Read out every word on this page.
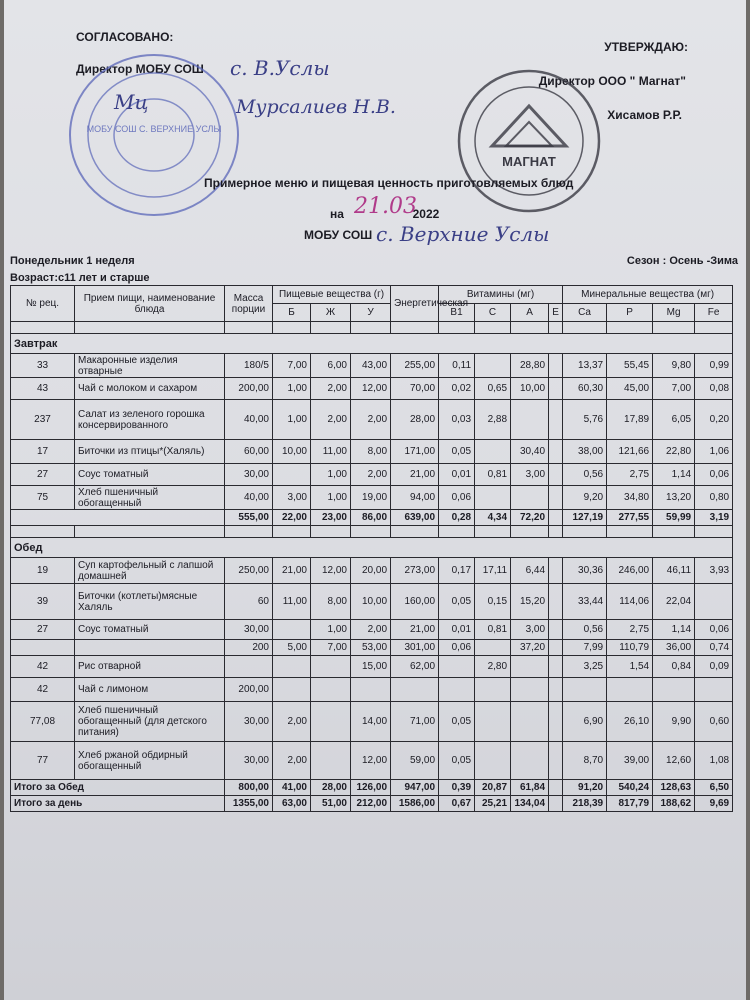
СОГЛАСОВАНО:
Директор МОБУ СОШ
МОБУ СОШ С. ВЕРХНИЕ УСЛЫ
с. В.Услы
Мурсалиев Н.В.
Мц
УТВЕРЖДАЮ:
Директор ООО " Магнат"
Хисамов Р.Р.
МАГНАТ
Примерное меню и пищевая ценность приготовляемых блюд
на	2022
21.03
МОБУ СОШ с. Верхние Услы
Понедельник 1 неделя	Сезон : Осень -Зима
Возраст:с11 лет и старше
№ рец.	Прием пищи, наименование блюда	Масса порции	Пищевые вещества (г)			Энергетическая	Витамины (мг)				Минеральные вещества (мг)			
			Б	Ж	У		В1	С	А	Е	Ca	P	Mg	Fe

Завтрак														
33	Макаронные изделия отварные	180/5	7,00	6,00	43,00	255,00	0,11		28,80		13,37	55,45	9,80	0,99
43	Чай с молоком и сахаром	200,00	1,00	2,00	12,00	70,00	0,02	0,65	10,00		60,30	45,00	7,00	0,08
237	Салат из зеленого горошка консервированного	40,00	1,00	2,00	2,00	28,00	0,03	2,88			5,76	17,89	6,05	0,20
17	Биточки из птицы*(Халяль)	60,00	10,00	11,00	8,00	171,00	0,05		30,40		38,00	121,66	22,80	1,06
27	Соус томатный	30,00		1,00	2,00	21,00	0,01	0,81	3,00		0,56	2,75	1,14	0,06
75	Хлеб пшеничный обогащенный	40,00	3,00	1,00	19,00	94,00	0,06				9,20	34,80	13,20	0,80
		555,00	22,00	23,00	86,00	639,00	0,28	4,34	72,20		127,19	277,55	59,99	3,19

Обед														
19	Суп картофельный с лапшой домашней	250,00	21,00	12,00	20,00	273,00	0,17	17,11	6,44		30,36	246,00	46,11	3,93
39	Биточки (котлеты)мясные Халяль	60	11,00	8,00	10,00	160,00	0,05	0,15	15,20		33,44	114,06	22,04	
27	Соус томатный	30,00		1,00	2,00	21,00	0,01	0,81	3,00		0,56	2,75	1,14	0,06
		200	5,00	7,00	53,00	301,00	0,06		37,20		7,99	110,79	36,00	0,74
42	Рис отварной				15,00	62,00		2,80			3,25	1,54	0,84	0,09
42	Чай с лимоном	200,00												
77,08	Хлеб пшеничный обогащенный (для детского питания)	30,00	2,00		14,00	71,00	0,05				6,90	26,10	9,90	0,60
77	Хлеб ржаной обдирный обогащенный	30,00	2,00		12,00	59,00	0,05				8,70	39,00	12,60	1,08
Итого за Обед		800,00	41,00	28,00	126,00	947,00	0,39	20,87	61,84		91,20	540,24	128,63	6,50
Итого за день		1355,00	63,00	51,00	212,00	1586,00	0,67	25,21	134,04		218,39	817,79	188,62	9,69
